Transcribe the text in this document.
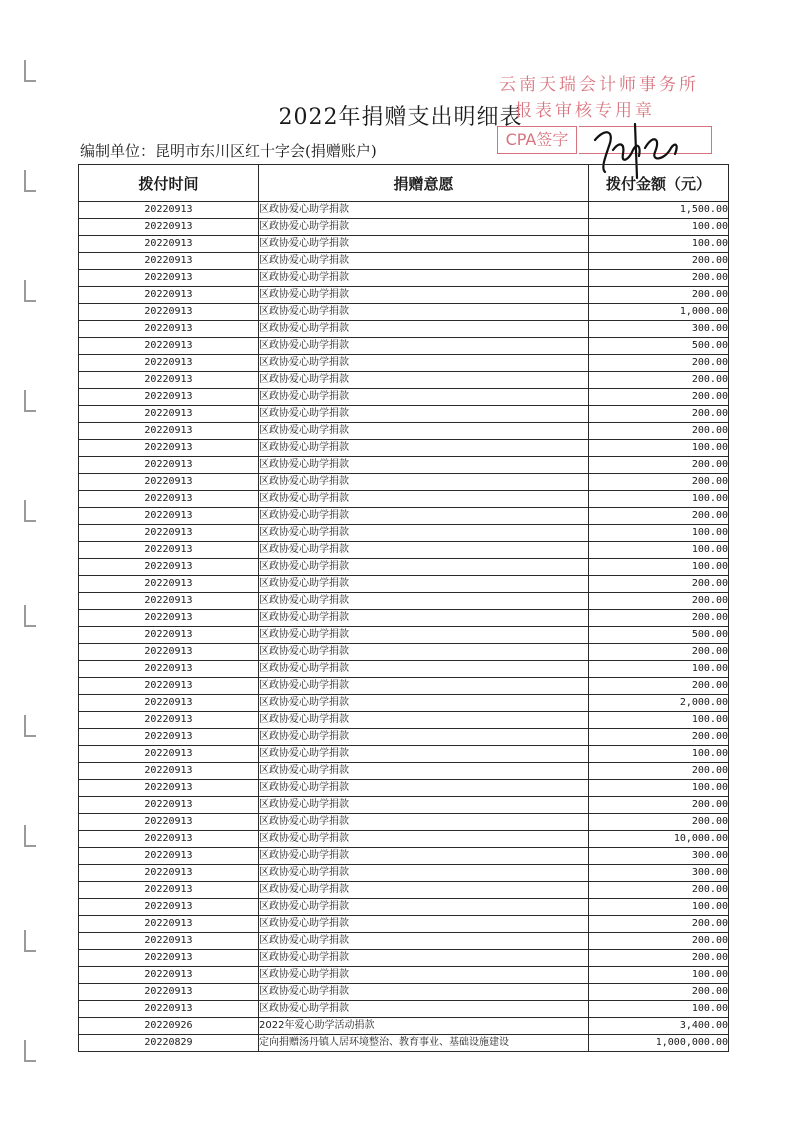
2022年捐赠支出明细表
编制单位：昆明市东川区红十字会(捐赠账户)
云南天瑞会计师事务所
报表审核专用章
CPA签字
拨付时间	捐赠意愿	拨付金额（元）
20220913	区政协爱心助学捐款	1,500.00
20220913	区政协爱心助学捐款	100.00
20220913	区政协爱心助学捐款	100.00
20220913	区政协爱心助学捐款	200.00
20220913	区政协爱心助学捐款	200.00
20220913	区政协爱心助学捐款	200.00
20220913	区政协爱心助学捐款	1,000.00
20220913	区政协爱心助学捐款	300.00
20220913	区政协爱心助学捐款	500.00
20220913	区政协爱心助学捐款	200.00
20220913	区政协爱心助学捐款	200.00
20220913	区政协爱心助学捐款	200.00
20220913	区政协爱心助学捐款	200.00
20220913	区政协爱心助学捐款	200.00
20220913	区政协爱心助学捐款	100.00
20220913	区政协爱心助学捐款	200.00
20220913	区政协爱心助学捐款	200.00
20220913	区政协爱心助学捐款	100.00
20220913	区政协爱心助学捐款	200.00
20220913	区政协爱心助学捐款	100.00
20220913	区政协爱心助学捐款	100.00
20220913	区政协爱心助学捐款	100.00
20220913	区政协爱心助学捐款	200.00
20220913	区政协爱心助学捐款	200.00
20220913	区政协爱心助学捐款	200.00
20220913	区政协爱心助学捐款	500.00
20220913	区政协爱心助学捐款	200.00
20220913	区政协爱心助学捐款	100.00
20220913	区政协爱心助学捐款	200.00
20220913	区政协爱心助学捐款	2,000.00
20220913	区政协爱心助学捐款	100.00
20220913	区政协爱心助学捐款	200.00
20220913	区政协爱心助学捐款	100.00
20220913	区政协爱心助学捐款	200.00
20220913	区政协爱心助学捐款	100.00
20220913	区政协爱心助学捐款	200.00
20220913	区政协爱心助学捐款	200.00
20220913	区政协爱心助学捐款	10,000.00
20220913	区政协爱心助学捐款	300.00
20220913	区政协爱心助学捐款	300.00
20220913	区政协爱心助学捐款	200.00
20220913	区政协爱心助学捐款	100.00
20220913	区政协爱心助学捐款	200.00
20220913	区政协爱心助学捐款	200.00
20220913	区政协爱心助学捐款	200.00
20220913	区政协爱心助学捐款	100.00
20220913	区政协爱心助学捐款	200.00
20220913	区政协爱心助学捐款	100.00
20220926	2022年爱心助学活动捐款	3,400.00
20220829	定向捐赠汤丹镇人居环境整治、教育事业、基础设施建设	1,000,000.00
